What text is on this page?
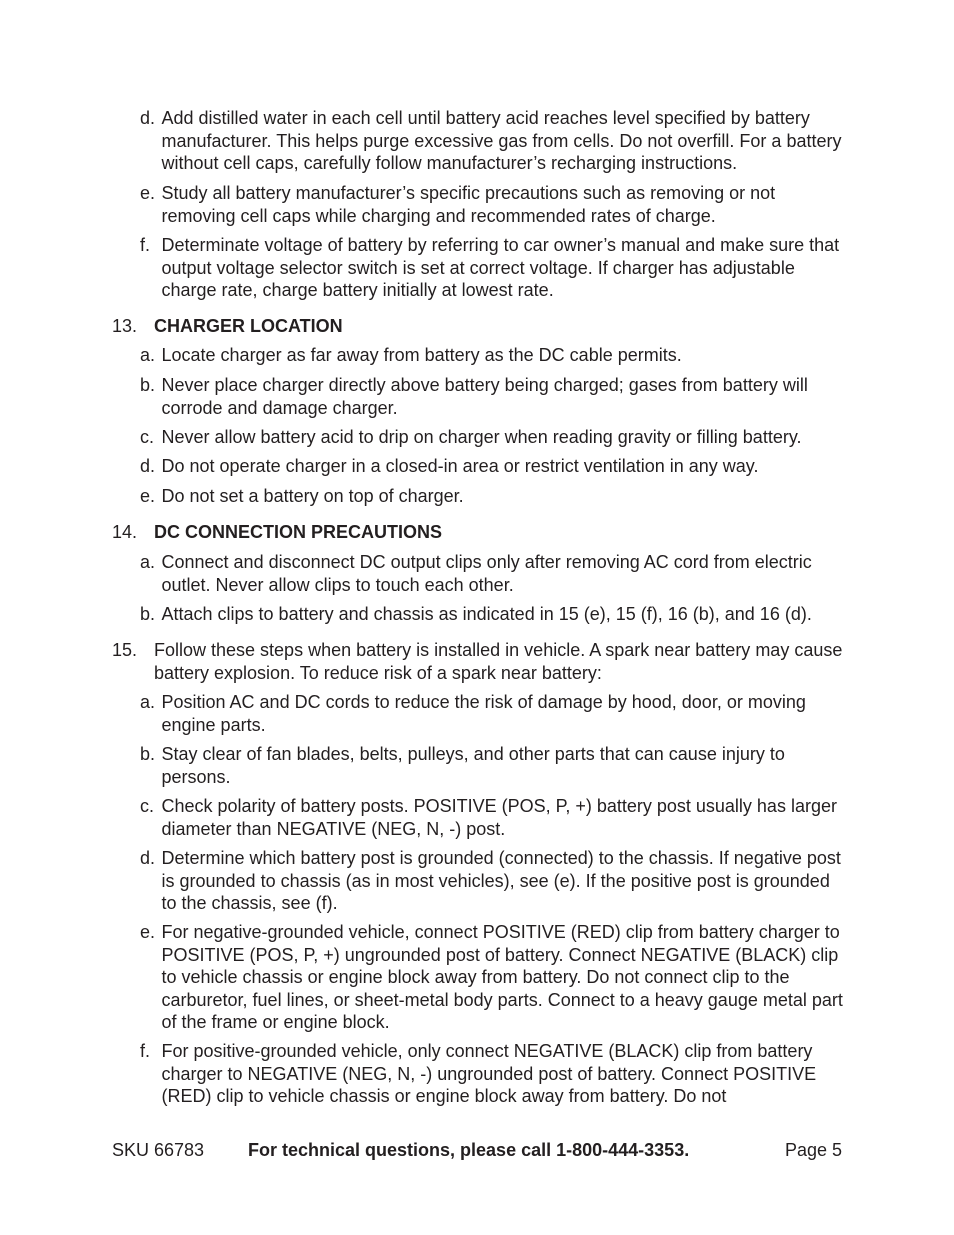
d. Add distilled water in each cell until battery acid reaches level specified by battery manufacturer. This helps purge excessive gas from cells. Do not overfill. For a battery without cell caps, carefully follow manufacturer’s recharging instructions.
e. Study all battery manufacturer’s specific precautions such as removing or not removing cell caps while charging and recommended rates of charge.
f. Determinate voltage of battery by referring to car owner’s manual and make sure that output voltage selector switch is set at correct voltage. If charger has adjustable charge rate, charge battery initially at lowest rate.
13. CHARGER LOCATION
a. Locate charger as far away from battery as the DC cable permits.
b. Never place charger directly above battery being charged; gases from battery will corrode and damage charger.
c. Never allow battery acid to drip on charger when reading gravity or filling battery.
d. Do not operate charger in a closed-in area or restrict ventilation in any way.
e. Do not set a battery on top of charger.
14. DC CONNECTION PRECAUTIONS
a. Connect and disconnect DC output clips only after removing AC cord from electric outlet. Never allow clips to touch each other.
b. Attach clips to battery and chassis as indicated in 15 (e), 15 (f), 16 (b), and 16 (d).
15. Follow these steps when battery is installed in vehicle. A spark near battery may cause battery explosion. To reduce risk of a spark near battery:
a. Position AC and DC cords to reduce the risk of damage by hood, door, or moving engine parts.
b. Stay clear of fan blades, belts, pulleys, and other parts that can cause injury to persons.
c. Check polarity of battery posts. POSITIVE (POS, P, +) battery post usually has larger diameter than NEGATIVE (NEG, N, -) post.
d. Determine which battery post is grounded (connected) to the chassis. If negative post is grounded to chassis (as in most vehicles), see (e). If the positive post is grounded to the chassis, see (f).
e. For negative-grounded vehicle, connect POSITIVE (RED) clip from battery charger to POSITIVE (POS, P, +) ungrounded post of battery. Connect NEGATIVE (BLACK) clip to vehicle chassis or engine block away from battery. Do not connect clip to the carburetor, fuel lines, or sheet-metal body parts. Connect to a heavy gauge metal part of the frame or engine block.
f. For positive-grounded vehicle, only connect NEGATIVE (BLACK) clip from battery charger to NEGATIVE (NEG, N, -) ungrounded post of battery. Connect POSITIVE (RED) clip to vehicle chassis or engine block away from battery. Do not
SKU 66783 For technical questions, please call 1-800-444-3353.	Page 5
